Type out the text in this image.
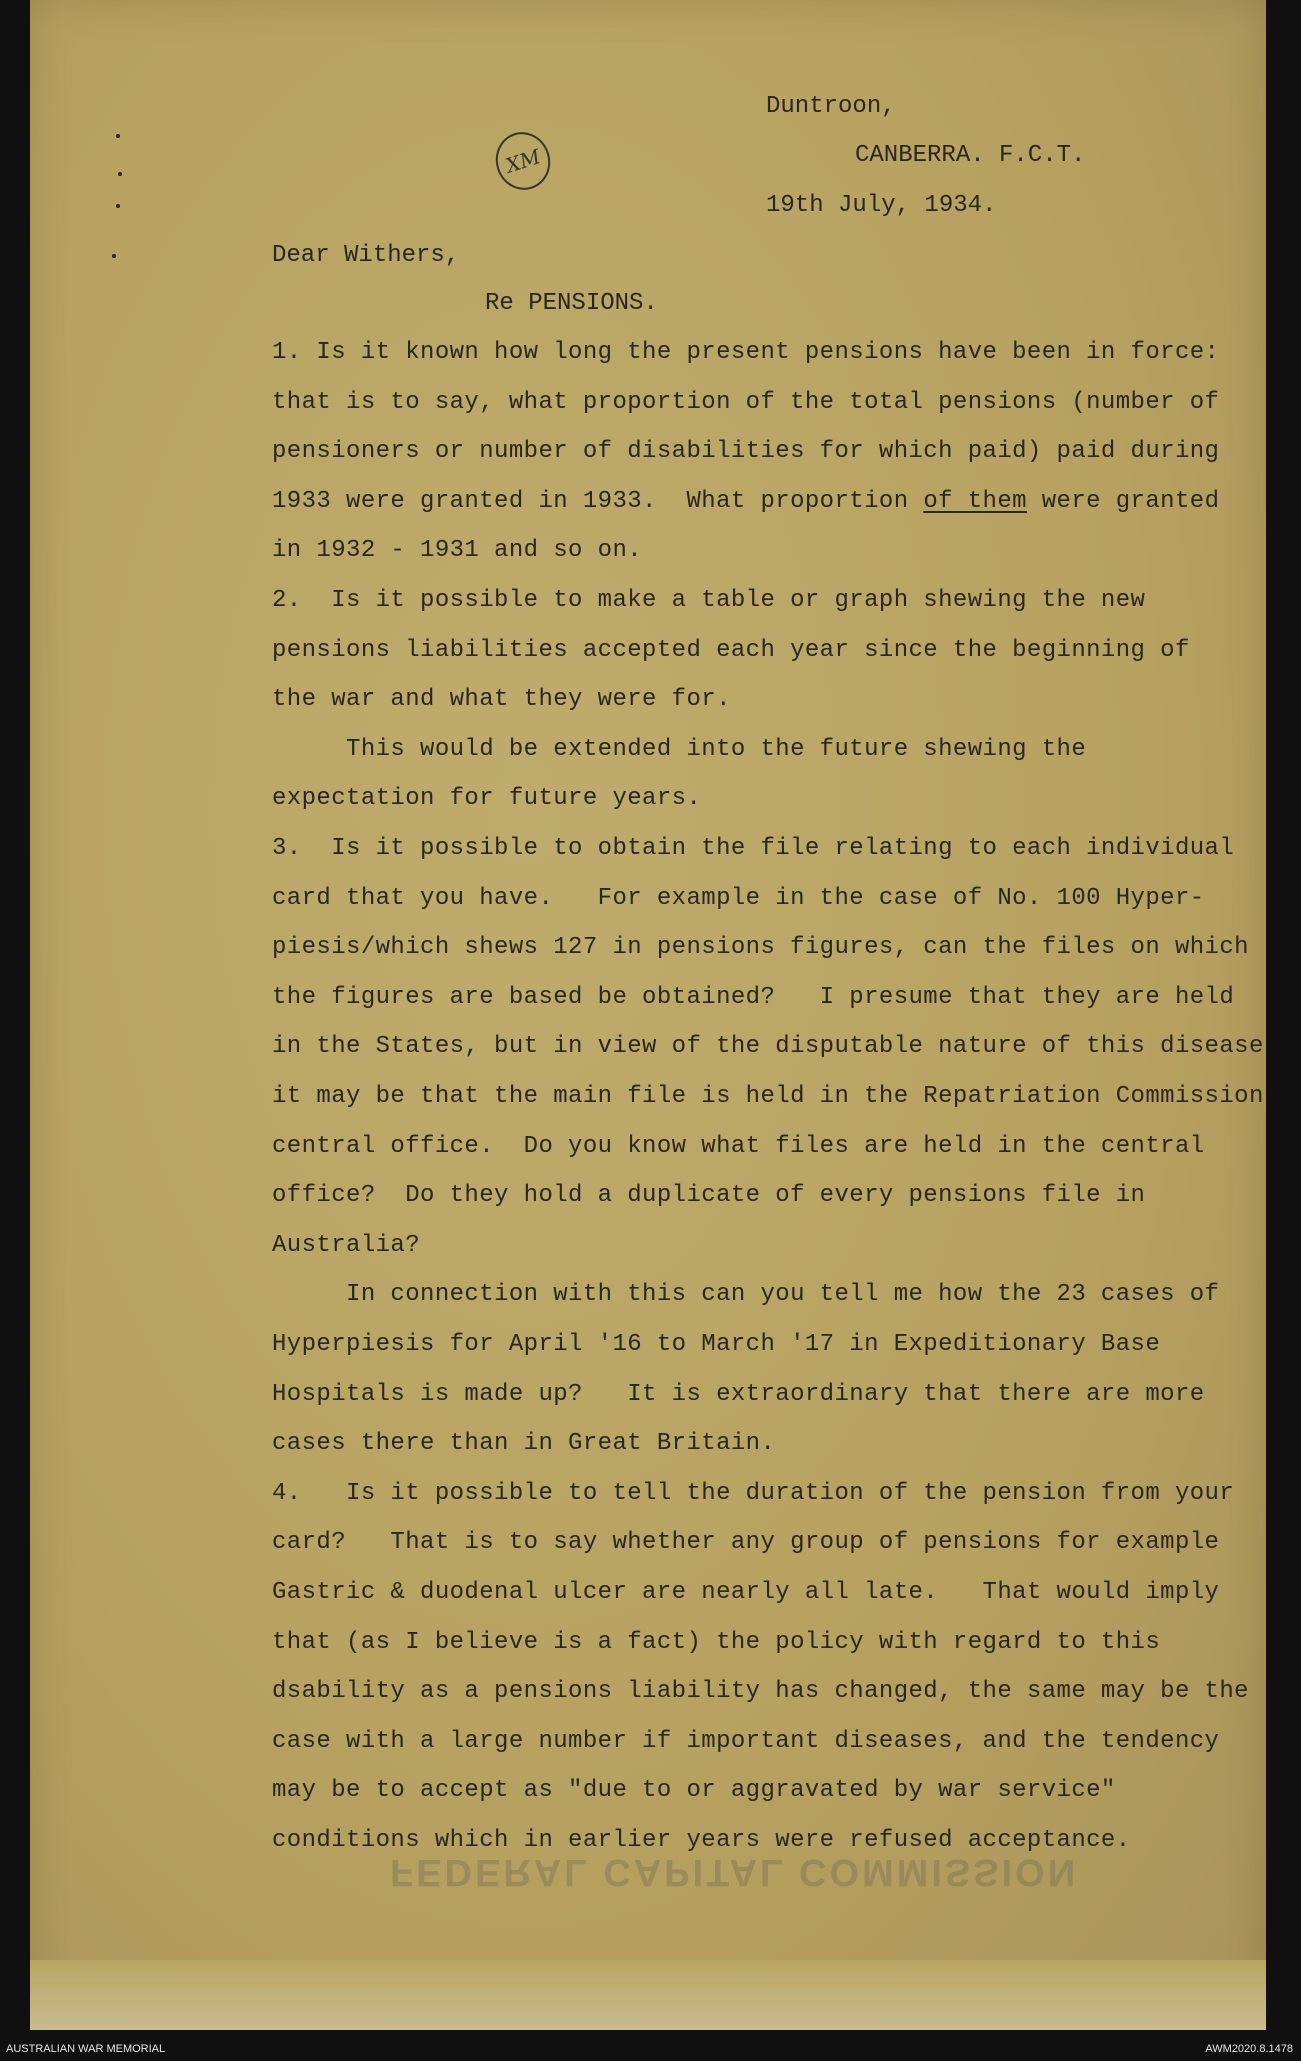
Duntroon,
CANBERRA. F.C.T.
19th July, 1934.
XM
Dear Withers,
Re PENSIONS.
1. Is it known how long the present pensions have been in force:
that is to say, what proportion of the total pensions (number of
pensioners or number of disabilities for which paid) paid during
1933 were granted in 1933.  What proportion of them were granted
in 1932 - 1931 and so on.
2.  Is it possible to make a table or graph shewing the new
pensions liabilities accepted each year since the beginning of
the war and what they were for.
This would be extended into the future shewing the
expectation for future years.
3.  Is it possible to obtain the file relating to each individual
card that you have.   For example in the case of No. 100 Hyper-
piesis/which shews 127 in pensions figures, can the files on which
the figures are based be obtained?   I presume that they are held
in the States, but in view of the disputable nature of this disease
it may be that the main file is held in the Repatriation Commission
central office.  Do you know what files are held in the central
office?  Do they hold a duplicate of every pensions file in
Australia?
In connection with this can you tell me how the 23 cases of
Hyperpiesis for April '16 to March '17 in Expeditionary Base
Hospitals is made up?   It is extraordinary that there are more
cases there than in Great Britain.
4.   Is it possible to tell the duration of the pension from your
card?   That is to say whether any group of pensions for example
Gastric & duodenal ulcer are nearly all late.   That would imply
that (as I believe is a fact) the policy with regard to this
dsability as a pensions liability has changed, the same may be the
case with a large number if important diseases, and the tendency
may be to accept as "due to or aggravated by war service"
conditions which in earlier years were refused acceptance.
FEDERAL CAPITAL COMMISSION
AUSTRALIAN WAR MEMORIAL	AWM2020.8.1478
